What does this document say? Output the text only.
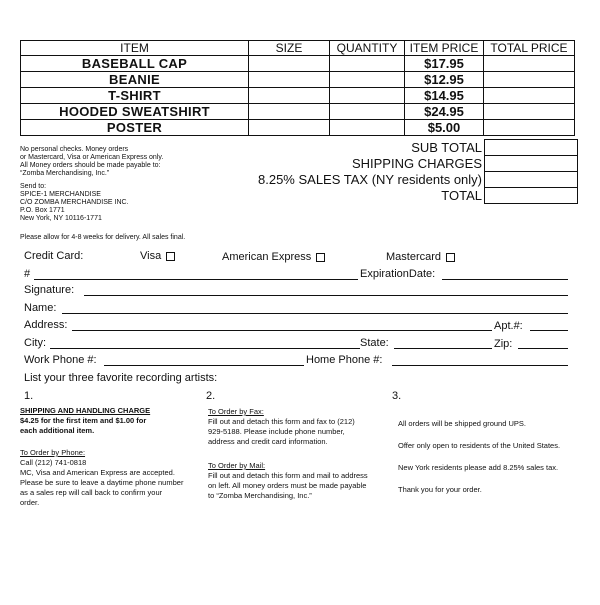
ITEM	SIZE	QUANTITY	ITEM PRICE	TOTAL PRICE
BASEBALL CAP			$17.95	
BEANIE			$12.95	
T-SHIRT			$14.95	
HOODED SWEATSHIRT			$24.95	
POSTER			$5.00	
SUB TOTAL
SHIPPING CHARGES
8.25% SALES TAX (NY residents only)
TOTAL
No personal checks. Money orders
or Mastercard, Visa or American Express only.
All Money orders should be made payable to:
“Zomba Merchandising, Inc.”
Send to:
SPICE-1 MERCHANDISE
C/O ZOMBA MERCHANDISE INC.
P.O. Box 1771
New York, NY 10116-1771
Please allow for 4-8 weeks for delivery. All sales final.
Credit Card:	Visa	American Express	Mastercard
#	ExpirationDate:
Signature:
Name:
Address:	Apt.#:
City:	State:	Zip:
Work Phone #:	Home Phone #:
List your three favorite recording artists:
1.	2.	3.
SHIPPING AND HANDLING CHARGE
$4.25 for the first item and $1.00 for
each additional item.
To Order by Phone:
Call (212) 741-0818
MC, Visa and American Express are accepted.
Please be sure to leave a daytime phone number
as a sales rep will call back to confirm your
order.
To Order by Fax:
Fill out and detach this form and fax to (212)
929-5188. Please include phone number,
address and credit card information.
To Order by Mail:
Fill out and detach this form and mail to address
on left. All money orders must be made payable
to “Zomba Merchandising, Inc.”
All orders will be shipped ground UPS.
Offer only open to residents of the United States.
New York residents please add 8.25% sales tax.
Thank you for your order.
